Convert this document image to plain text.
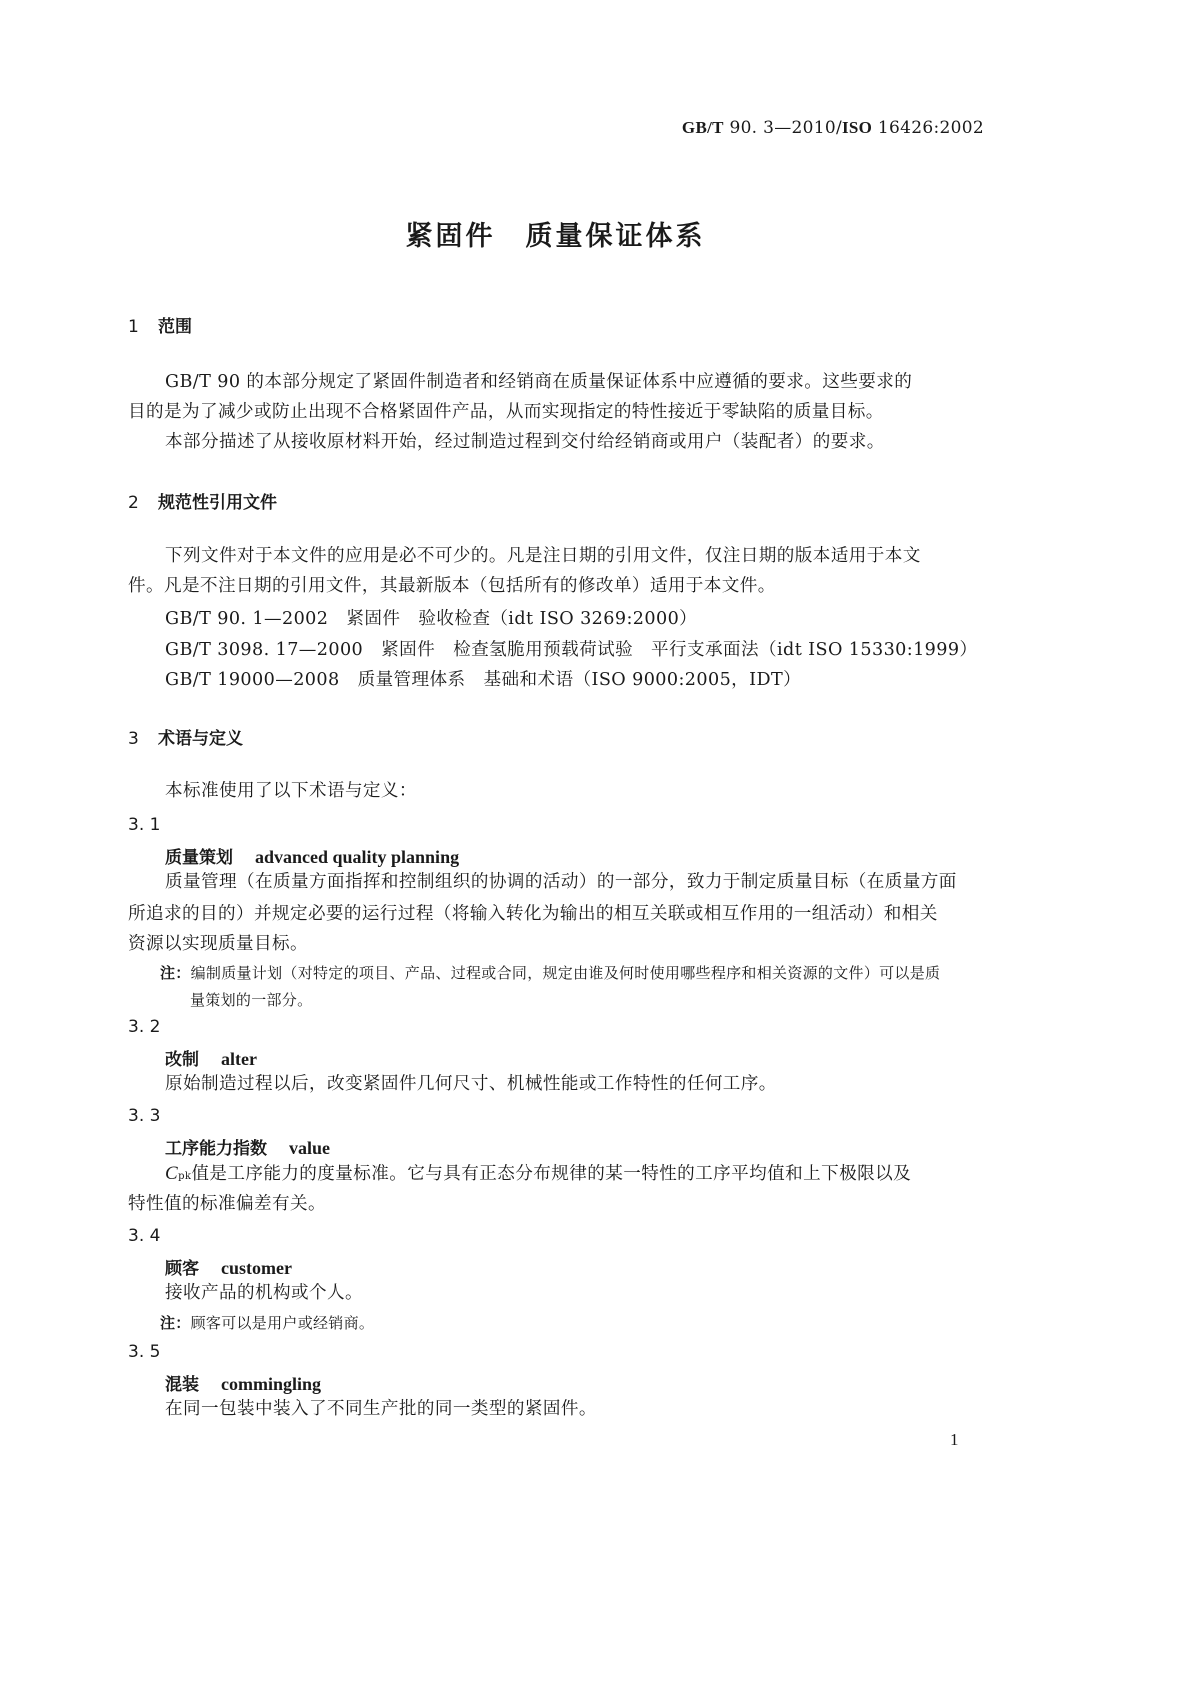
GB/T 90. 3—2010/ISO 16426:2002
紧固件　质量保证体系
1 范围
GB/T 90 的本部分规定了紧固件制造者和经销商在质量保证体系中应遵循的要求。这些要求的
目的是为了减少或防止出现不合格紧固件产品，从而实现指定的特性接近于零缺陷的质量目标。
本部分描述了从接收原材料开始，经过制造过程到交付给经销商或用户（装配者）的要求。
2 规范性引用文件
下列文件对于本文件的应用是必不可少的。凡是注日期的引用文件，仅注日期的版本适用于本文
件。凡是不注日期的引用文件，其最新版本（包括所有的修改单）适用于本文件。
GB/T 90. 1—2002　紧固件　验收检查（idt ISO 3269:2000）
GB/T 3098. 17—2000　紧固件　检查氢脆用预载荷试验　平行支承面法（idt ISO 15330:1999）
GB/T 19000—2008　质量管理体系　基础和术语（ISO 9000:2005，IDT）
3 术语与定义
本标准使用了以下术语与定义：
3. 1
质量策划 advanced quality planning
质量管理（在质量方面指挥和控制组织的协调的活动）的一部分，致力于制定质量目标（在质量方面
所追求的目的）并规定必要的运行过程（将输入转化为输出的相互关联或相互作用的一组活动）和相关
资源以实现质量目标。
注：编制质量计划（对特定的项目、产品、过程或合同，规定由谁及何时使用哪些程序和相关资源的文件）可以是质
量策划的一部分。
3. 2
改制 alter
原始制造过程以后，改变紧固件几何尺寸、机械性能或工作特性的任何工序。
3. 3
工序能力指数 value
Cpk值是工序能力的度量标准。它与具有正态分布规律的某一特性的工序平均值和上下极限以及
特性值的标准偏差有关。
3. 4
顾客 customer
接收产品的机构或个人。
注：顾客可以是用户或经销商。
3. 5
混装 commingling
在同一包装中装入了不同生产批的同一类型的紧固件。
1
